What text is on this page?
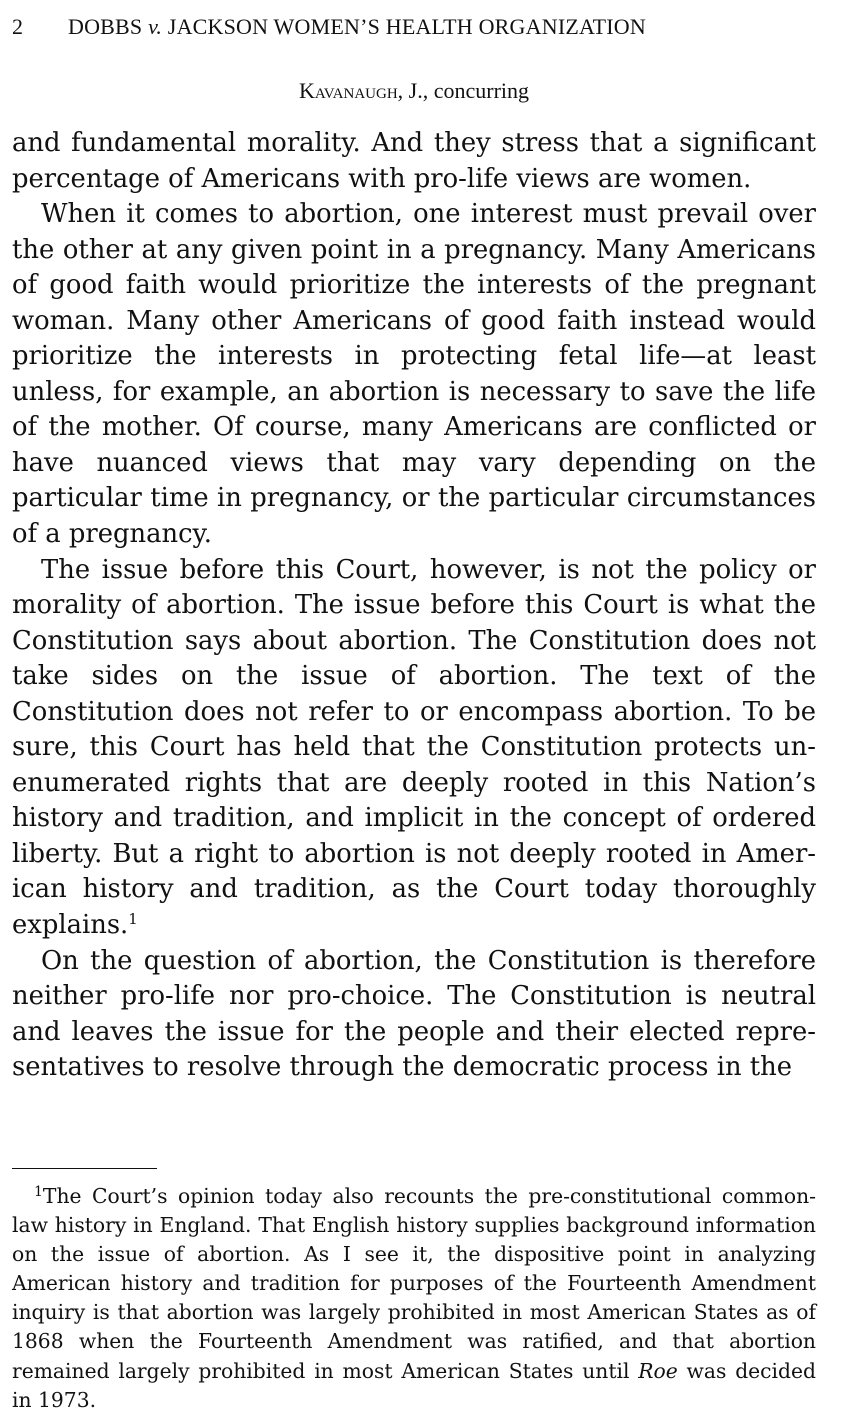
2 DOBBS v. JACKSON WOMEN’S HEALTH ORGANIZATION
Kavanaugh, J., concurring

and fundamental morality. And they stress that a significant percentage of Americans with pro-life views are women.

When it comes to abortion, one interest must prevail over the other at any given point in a pregnancy. Many Americans of good faith would prioritize the interests of the pregnant woman. Many other Americans of good faith instead would prioritize the interests in protecting fetal life—at least unless, for example, an abortion is necessary to save the life of the mother. Of course, many Americans are conflicted or have nuanced views that may vary depending on the particular time in pregnancy, or the particular circumstances of a pregnancy.

The issue before this Court, however, is not the policy or morality of abortion. The issue before this Court is what the Constitution says about abortion. The Constitution does not take sides on the issue of abortion. The text of the Constitution does not refer to or encompass abortion. To be sure, this Court has held that the Constitution protects unenumerated rights that are deeply rooted in this Nation’s history and tradition, and implicit in the concept of ordered liberty. But a right to abortion is not deeply rooted in American history and tradition, as the Court today thoroughly explains.$^1$

On the question of abortion, the Constitution is therefore neither pro-life nor pro-choice. The Constitution is neutral and leaves the issue for the people and their elected representatives to resolve through the democratic process in the

$^1$The Court’s opinion today also recounts the pre-constitutional common-law history in England. That English history supplies background information on the issue of abortion. As I see it, the dispositive point in analyzing American history and tradition for purposes of the Fourteenth Amendment inquiry is that abortion was largely prohibited in most American States as of 1868 when the Fourteenth Amendment was ratified, and that abortion remained largely prohibited in most American States until Roe was decided in 1973.
